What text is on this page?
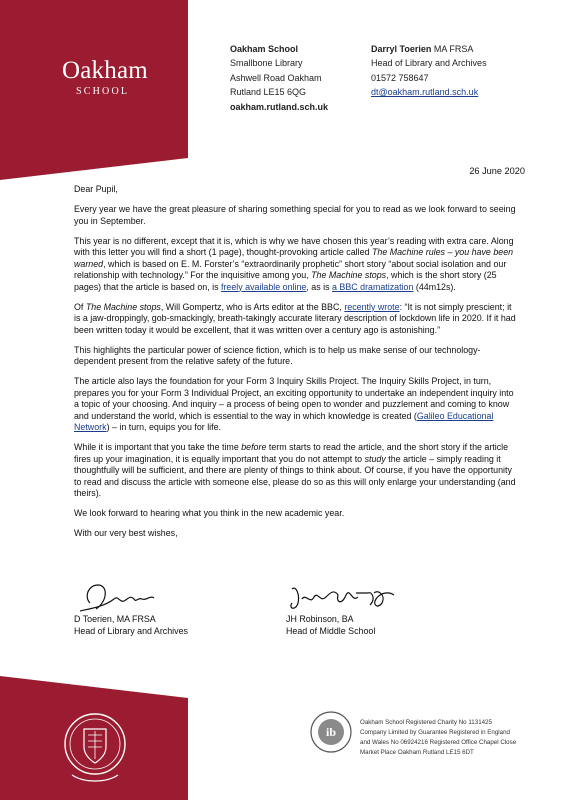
Oakham
SCHOOL
Oakham School
Smallbone Library
Ashwell Road Oakham
Rutland LE15 6QG
oakham.rutland.sch.uk
Darryl Toerien MA FRSA
Head of Library and Archives
01572 758647
dt@oakham.rutland.sch.uk
26 June 2020

Dear Pupil,

Every year we have the great pleasure of sharing something special for you to read as we look forward to seeing you in September.

This year is no different, except that it is, which is why we have chosen this year’s reading with extra care. Along with this letter you will find a short (1 page), thought-provoking article called The Machine rules – you have been warned, which is based on E. M. Forster’s “extraordinarily prophetic” short story “about social isolation and our relationship with technology.” For the inquisitive among you, The Machine stops, which is the short story (25 pages) that the article is based on, is freely available online, as is a BBC dramatization (44m12s).

Of The Machine stops, Will Gompertz, who is Arts editor at the BBC, recently wrote: “It is not simply prescient; it is a jaw-droppingly, gob-smackingly, breath-takingly accurate literary description of lockdown life in 2020. If it had been written today it would be excellent, that it was written over a century ago is astonishing.”

This highlights the particular power of science fiction, which is to help us make sense of our technology-dependent present from the relative safety of the future.

The article also lays the foundation for your Form 3 Inquiry Skills Project. The Inquiry Skills Project, in turn, prepares you for your Form 3 Individual Project, an exciting opportunity to undertake an independent inquiry into a topic of your choosing. And inquiry – a process of being open to wonder and puzzlement and coming to know and understand the world, which is essential to the way in which knowledge is created (Galileo Educational Network) – in turn, equips you for life.

While it is important that you take the time before term starts to read the article, and the short story if the article fires up your imagination, it is equally important that you do not attempt to study the article – simply reading it thoughtfully will be sufficient, and there are plenty of things to think about. Of course, if you have the opportunity to read and discuss the article with someone else, please do so as this will only enlarge your understanding (and theirs).

We look forward to hearing what you think in the new academic year.

With our very best wishes,

D Toerien, MA FRSA
Head of Library and Archives
JH Robinson, BA
Head of Middle School
ib
Oakham School Registered Charity No 1131425
Company Limited by Guarantee Registered in England
and Wales No 06924216 Registered Office Chapel Close
Market Place Oakham Rutland LE15 6DT
